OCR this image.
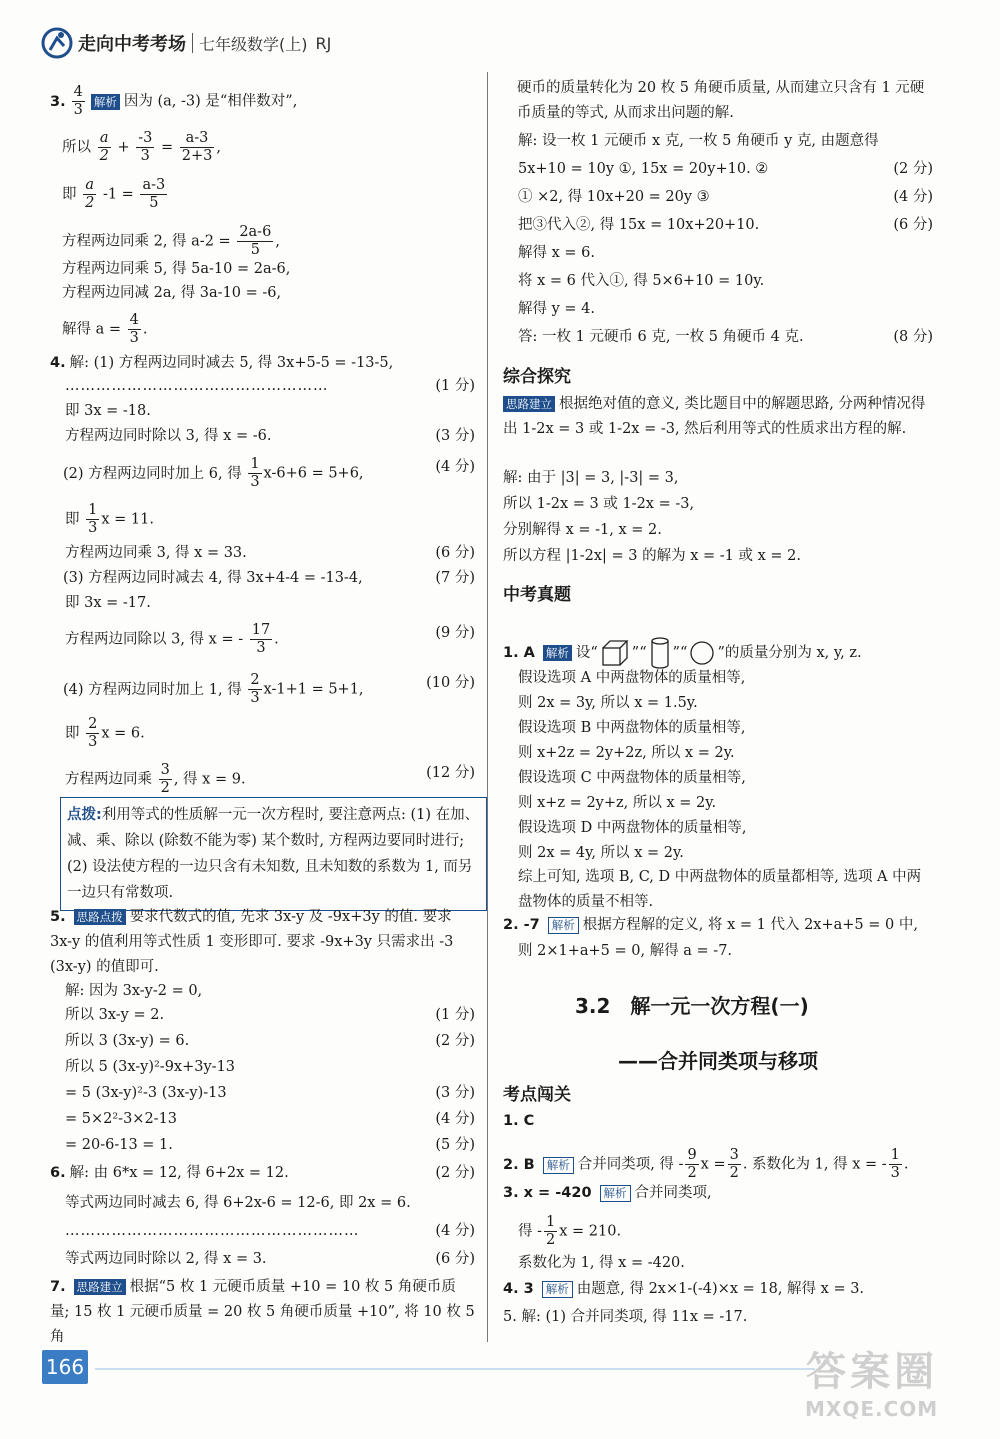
走向中考考场 七年级数学(上) RJ
3. $\frac{4}{3}$ 解析 因为 (a, -3) 是“相伴数对”,
所以 $\frac{a}{2} + \frac{-3}{3} = \frac{a-3}{2+3}$ ,
即 $\frac{a}{2} -1 = \frac{a-3}{5}$
方程两边同乘 2, 得 $a-2 = \frac{2a-6}{5}$ ,
方程两边同乘 5, 得 5a-10 = 2a-6,
方程两边同减 2a, 得 3a-10 = -6,
解得 $a = \frac{4}{3}$ .
4. 解: (1) 方程两边同时减去 5, 得 3x+5-5 = -13-5,
……………………………………………	(1 分)
即 3x = -18.
方程两边同时除以 3, 得 x = -6.	(3 分)
(2) 方程两边同时加上 6, 得 $\frac{1}{3} x-6+6 = 5+6$,	(4 分)
即 $\frac{1}{3}$ x = 11.
方程两边同乘 3, 得 x = 33.	(6 分)
(3) 方程两边同时减去 4, 得 3x+4-4 = -13-4,	(7 分)
即 3x = -17.
方程两边同除以 3, 得 x = - $\frac{17}{3}$ .	(9 分)
(4) 方程两边同时加上 1, 得 $\frac{2}{3} x-1+1 = 5+1$,	(10 分)
即 $\frac{2}{3}$ x = 6.
方程两边同乘 $\frac{3}{2}$ , 得 x = 9.	(12 分)
点拨:利用等式的性质解一元一次方程时, 要注意两点: (1) 在加、减、乘、除以 (除数不能为零) 某个数时, 方程两边要同时进行; (2) 设法使方程的一边只含有未知数, 且未知数的系数为 1, 而另一边只有常数项.
5. 思路点拨 要求代数式的值, 先求 3x-y 及 -9x+3y 的值. 要求 3x-y 的值利用等式性质 1 变形即可. 要求 -9x+3y 只需求出 -3 (3x-y) 的值即可.
解: 因为 3x-y-2 = 0,
所以 3x-y = 2.	(1 分)
所以 3 (3x-y) = 6.	(2 分)
所以 5 (3x-y)²-9x+3y-13
= 5 (3x-y)²-3 (3x-y)-13	(3 分)
= 5×2²-3×2-13	(4 分)
= 20-6-13 = 1.	(5 分)
6. 解: 由 6*x = 12, 得 6+2x = 12.	(2 分)
等式两边同时减去 6, 得 6+2x-6 = 12-6, 即 2x = 6.
…………………………………………………	(4 分)
等式两边同时除以 2, 得 x = 3.	(6 分)
7. 思路建立 根据“5 枚 1 元硬币质量 +10 = 10 枚 5 角硬币质量; 15 枚 1 元硬币质量 = 20 枚 5 角硬币质量 +10”, 将 10 枚 5 角
硬币的质量转化为 20 枚 5 角硬币质量, 从而建立只含有 1 元硬币质量的等式, 从而求出问题的解.
解: 设一枚 1 元硬币 x 克, 一枚 5 角硬币 y 克, 由题意得
5x+10 = 10y ①, 15x = 20y+10. ②	(2 分)
① ×2, 得 10x+20 = 20y ③	(4 分)
把③代入②, 得 15x = 10x+20+10.	(6 分)
解得 x = 6.
将 x = 6 代入①, 得 5×6+10 = 10y.
解得 y = 4.
答: 一枚 1 元硬币 6 克, 一枚 5 角硬币 4 克.	(8 分)
综合探究
思路建立 根据绝对值的意义, 类比题目中的解题思路, 分两种情况得出 1-2x = 3 或 1-2x = -3, 然后利用等式的性质求出方程的解.
解: 由于 |3| = 3, |-3| = 3,
所以 1-2x = 3 或 1-2x = -3,
分别解得 x = -1, x = 2.
所以方程 |1-2x| = 3 的解为 x = -1 或 x = 2.
中考真题
1. A 解析 设“ ”“ ”“ ”的质量分别为 x, y, z.
假设选项 A 中两盘物体的质量相等,
则 2x = 3y, 所以 x = 1.5y.
假设选项 B 中两盘物体的质量相等,
则 x+2z = 2y+2z, 所以 x = 2y.
假设选项 C 中两盘物体的质量相等,
则 x+z = 2y+z, 所以 x = 2y.
假设选项 D 中两盘物体的质量相等,
则 2x = 4y, 所以 x = 2y.
综上可知, 选项 B, C, D 中两盘物体的质量都相等, 选项 A 中两盘物体的质量不相等.
2. -7 解析 根据方程解的定义, 将 x = 1 代入 2x+a+5 = 0 中,
则 2×1+a+5 = 0, 解得 a = -7.
3.2　解一元一次方程(一)
——合并同类项与移项
考点闯关
1. C
2. B 解析 合并同类项, 得 - $\frac{9}{2}$ $x = \frac{3}{2}$ . 系数化为 1, 得 x = - $\frac{1}{3}$ .
3. x = -420 解析 合并同类项,
得 - $\frac{1}{2}$ x = 210.
系数化为 1, 得 x = -420.
4. 3 解析 由题意, 得 2x×1-(-4)×x = 18, 解得 x = 3.
5. 解: (1) 合并同类项, 得 11x = -17.
166	答案圈
MXQE.COM
